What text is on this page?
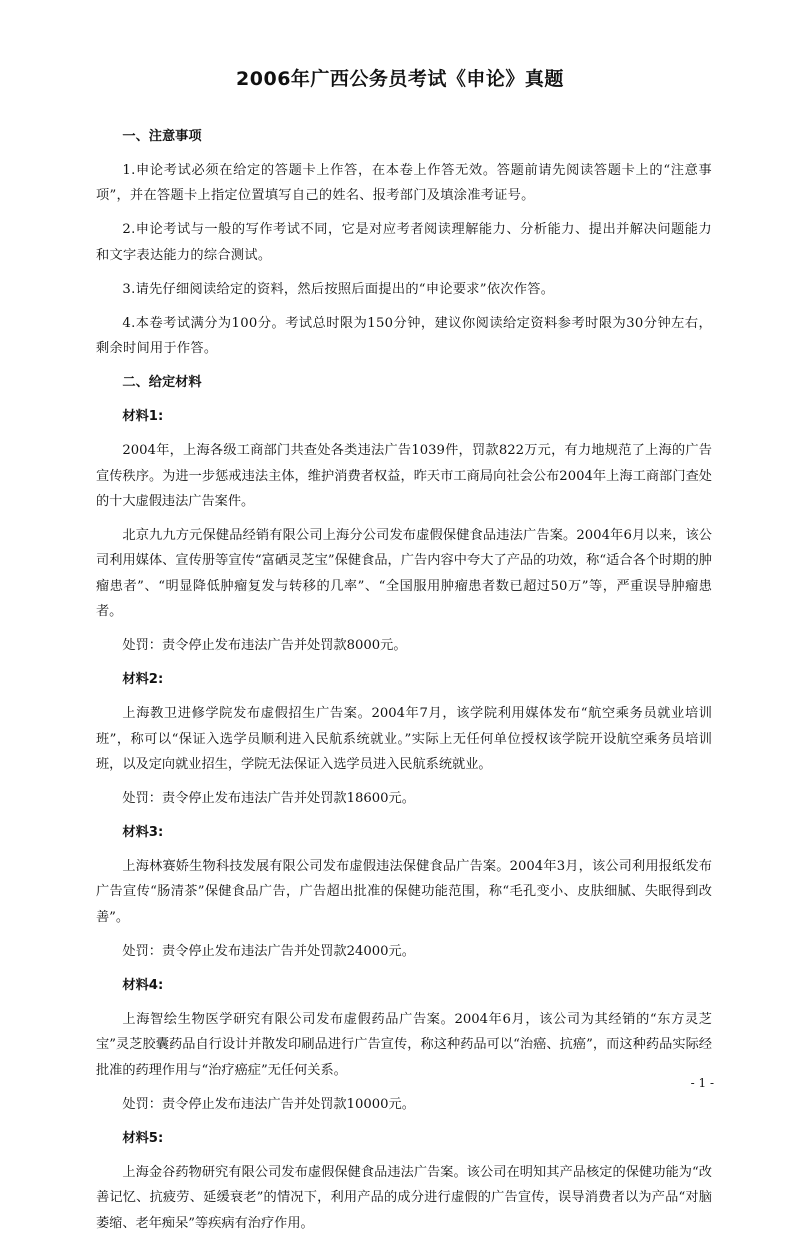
2006年广西公务员考试《申论》真题
一、注意事项

1.申论考试必须在给定的答题卡上作答，在本卷上作答无效。答题前请先阅读答题卡上的“注意事项”，并在答题卡上指定位置填写自己的姓名、报考部门及填涂准考证号。

2.申论考试与一般的写作考试不同，它是对应考者阅读理解能力、分析能力、提出并解决问题能力和文字表达能力的综合测试。

3.请先仔细阅读给定的资料，然后按照后面提出的“申论要求”依次作答。

4.本卷考试满分为100分。考试总时限为150分钟，建议你阅读给定资料参考时限为30分钟左右，剩余时间用于作答。

二、给定材料
材料1:

2004年，上海各级工商部门共查处各类违法广告1039件，罚款822万元，有力地规范了上海的广告宣传秩序。为进一步惩戒违法主体，维护消费者权益，昨天市工商局向社会公布2004年上海工商部门查处的十大虚假违法广告案件。

北京九九方元保健品经销有限公司上海分公司发布虚假保健食品违法广告案。2004年6月以来，该公司利用媒体、宣传册等宣传“富硒灵芝宝”保健食品，广告内容中夸大了产品的功效，称“适合各个时期的肿瘤患者”、“明显降低肿瘤复发与转移的几率”、“全国服用肿瘤患者数已超过50万”等，严重误导肿瘤患者。

处罚：责令停止发布违法广告并处罚款8000元。

材料2:

上海教卫进修学院发布虚假招生广告案。2004年7月，该学院利用媒体发布“航空乘务员就业培训班”，称可以“保证入选学员顺利进入民航系统就业。”实际上无任何单位授权该学院开设航空乘务员培训班，以及定向就业招生，学院无法保证入选学员进入民航系统就业。

处罚：责令停止发布违法广告并处罚款18600元。

材料3:

上海林赛娇生物科技发展有限公司发布虚假违法保健食品广告案。2004年3月，该公司利用报纸发布广告宣传“肠清茶”保健食品广告，广告超出批准的保健功能范围，称“毛孔变小、皮肤细腻、失眠得到改善”。

处罚：责令停止发布违法广告并处罚款24000元。

材料4:

上海智绘生物医学研究有限公司发布虚假药品广告案。2004年6月，该公司为其经销的“东方灵芝宝”灵芝胶囊药品自行设计并散发印刷品进行广告宣传，称这种药品可以“治癌、抗癌”，而这种药品实际经批准的药理作用与“治疗癌症”无任何关系。

处罚：责令停止发布违法广告并处罚款10000元。

材料5:

上海金谷药物研究有限公司发布虚假保健食品违法广告案。该公司在明知其产品核定的保健功能为“改善记忆、抗疲劳、延缓衰老”的情况下，利用产品的成分进行虚假的广告宣传，误导消费者以为产品“对脑萎缩、老年痴呆”等疾病有治疗作用。

- 1 -
